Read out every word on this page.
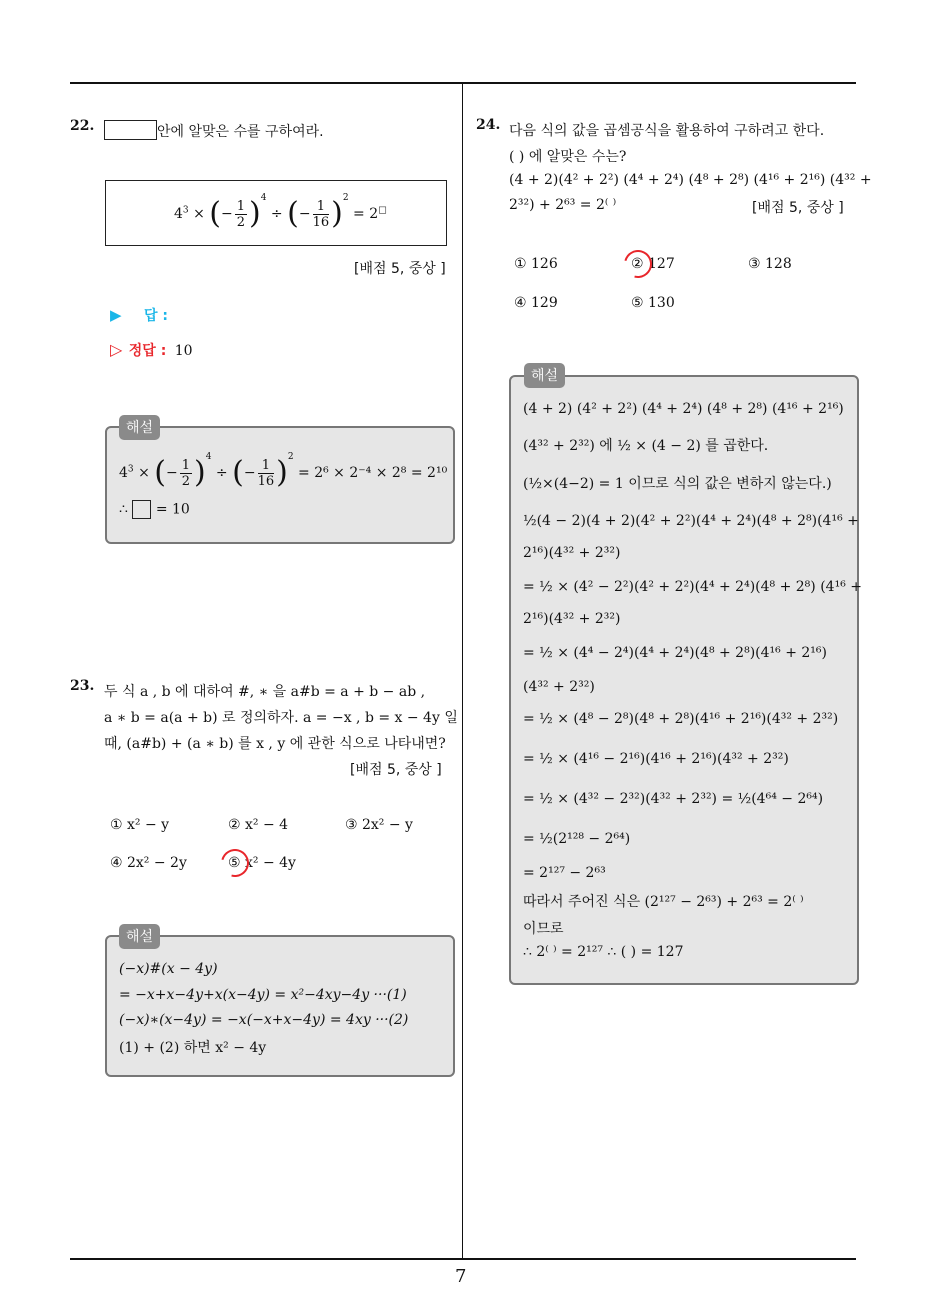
7
22.	안에 알맞은 수를 구하여라.
$4^3$ × (− $\frac{1}{2} )^4$ ÷ (− $\frac{1}{16} )^2 = 2^□$
[배점 5, 중상 ]
▶ 답 :
▷ 정답 : 10
$4^3$ × (− $\frac{1}{2} )^4$ ÷ (− $\frac{1}{16} )^2 = 2^6 \times 2^{-4} \times 2^8 = 2^{10}$
∴  = 10
해설
23. 두 식 a , b 에 대하여 #, ∗ 을 a#b = a + b − ab ,
a ∗ b = a(a + b) 로 정의하자. a = −x , b = x − 4y 일
때, (a#b) + (a ∗ b) 를 x , y 에 관한 식으로 나타내면?
[배점 5, 중상 ]
① x² − y	② x² − 4	③ 2x² − y
④ 2x² − 2y	⑤ x² − 4y
(−x)#(x − 4y)
= −x+x−4y+x(x−4y) = x²−4xy−4y ···(1)
(−x)∗(x−4y) = −x(−x+x−4y) = 4xy ···(2)
(1) + (2) 하면 x² − 4y
해설
24. 다음 식의 값을 곱셈공식을 활용하여 구하려고 한다.
( ) 에 알맞은 수는?
(4 + 2)(4² + 2²) (4⁴ + 2⁴) (4⁸ + 2⁸) (4¹⁶ + 2¹⁶) (4³² +
2³²) + 2⁶³ = 2⁽ ⁾	[배점 5, 중상 ]
① 126	② 127	③ 128
④ 129	⑤ 130
(4 + 2) (4² + 2²) (4⁴ + 2⁴) (4⁸ + 2⁸) (4¹⁶ + 2¹⁶)
(4³² + 2³²) 에 ½ × (4 − 2) 를 곱한다.
(½×(4−2) = 1 이므로 식의 값은 변하지 않는다.)
½(4 − 2)(4 + 2)(4² + 2²)(4⁴ + 2⁴)(4⁸ + 2⁸)(4¹⁶ +
2¹⁶)(4³² + 2³²)
= ½ × (4² − 2²)(4² + 2²)(4⁴ + 2⁴)(4⁸ + 2⁸) (4¹⁶ +
2¹⁶)(4³² + 2³²)
= ½ × (4⁴ − 2⁴)(4⁴ + 2⁴)(4⁸ + 2⁸)(4¹⁶ + 2¹⁶)
(4³² + 2³²)
= ½ × (4⁸ − 2⁸)(4⁸ + 2⁸)(4¹⁶ + 2¹⁶)(4³² + 2³²)
= ½ × (4¹⁶ − 2¹⁶)(4¹⁶ + 2¹⁶)(4³² + 2³²)
= ½ × (4³² − 2³²)(4³² + 2³²) = ½(4⁶⁴ − 2⁶⁴)
= ½(2¹²⁸ − 2⁶⁴)
= 2¹²⁷ − 2⁶³
따라서 주어진 식은 (2¹²⁷ − 2⁶³) + 2⁶³ = 2⁽ ⁾
이므로
∴ 2⁽ ⁾ = 2¹²⁷ ∴ ( ) = 127
해설
